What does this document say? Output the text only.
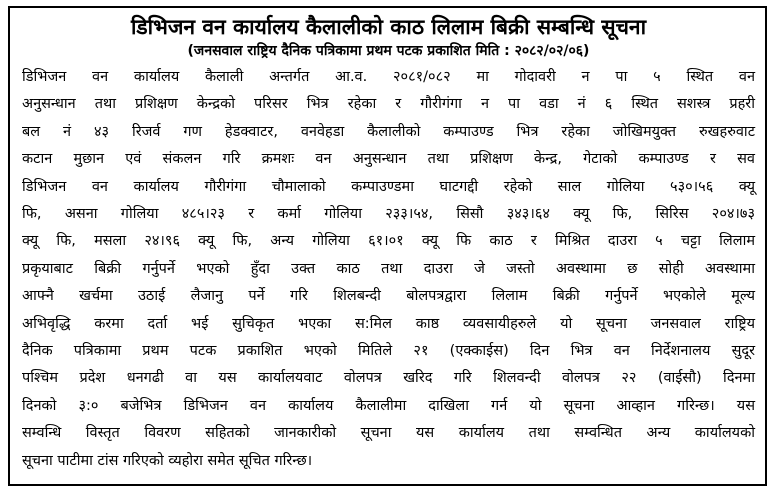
डिभिजन वन कार्यालय कैलालीको काठ लिलाम बिक्री सम्बन्धि सूचना
(जनसवाल राष्ट्रिय दैनिक पत्रिकामा प्रथम पटक प्रकाशित मिति : २०८२/०२/०६)
डिभिजन वन कार्यालय कैलाली अन्तर्गत आ.व. २०८१/०८२ मा गोदावरी न पा ५ स्थित वन
अनुसन्धान तथा प्रशिक्षण केन्द्रको परिसर भित्र रहेका र गौरीगंगा न पा वडा नं ६ स्थित सशस्त्र प्रहरी
बल नं ४३ रिजर्व गण हेडक्वाटर, वनवेहडा कैलालीको कम्पाउण्ड भित्र रहेका जोखिमयुक्त रुखहरुवाट
कटान मुछान एवं संकलन गरि क्रमशः वन अनुसन्धान तथा प्रशिक्षण केन्द्र, गेटाको कम्पाउण्ड र सव
डिभिजन वन कार्यालय गौरीगंगा चौमालाको कम्पाउण्डमा घाटगद्दी रहेको साल गोलिया ५३०।५६ क्यू
फि, असना गोलिया ४८५।२३ र कर्मा गोलिया २३३।५४, सिसौ ३४३।६४ क्यू फि, सिरिस २०४।७३
क्यू फि, मसला २४।९६ क्यू फि, अन्य गोलिया ६१।०१ क्यू फि काठ र मिश्रित दाउरा ५ चट्टा लिलाम
प्रकृयाबाट बिक्री गर्नुपर्ने भएको हुँदा उक्त काठ तथा दाउरा जे जस्तो अवस्थामा छ सोही अवस्थामा
आफ्नै खर्चमा उठाई लैजानु पर्ने गरि शिलबन्दी बोलपत्रद्वारा लिलाम बिक्री गर्नुपर्ने भएकोले मूल्य
अभिवृद्धि करमा दर्ता भई सुचिकृत भएका स:मिल काष्ठ व्यवसायीहरुले यो सूचना जनसवाल राष्ट्रिय
दैनिक पत्रिकामा प्रथम पटक प्रकाशित भएको मितिले २१ (एक्काईस) दिन भित्र वन निर्देशनालय सुदूर
पश्चिम प्रदेश धनगढी वा यस कार्यालयवाट वोलपत्र खरिद गरि शिलवन्दी वोलपत्र २२ (वाईसौ) दिनमा
दिनको ३:० बजेभित्र डिभिजन वन कार्यालय कैलालीमा दाखिला गर्न यो सूचना आव्हान गरिन्छ। यस
सम्वन्धि विस्तृत विवरण सहितको जानकारीको सूचना यस कार्यालय तथा सम्वन्धित अन्य कार्यालयको
सूचना पाटीमा टांस गरिएको व्यहोरा समेत सूचित गरिन्छ।
